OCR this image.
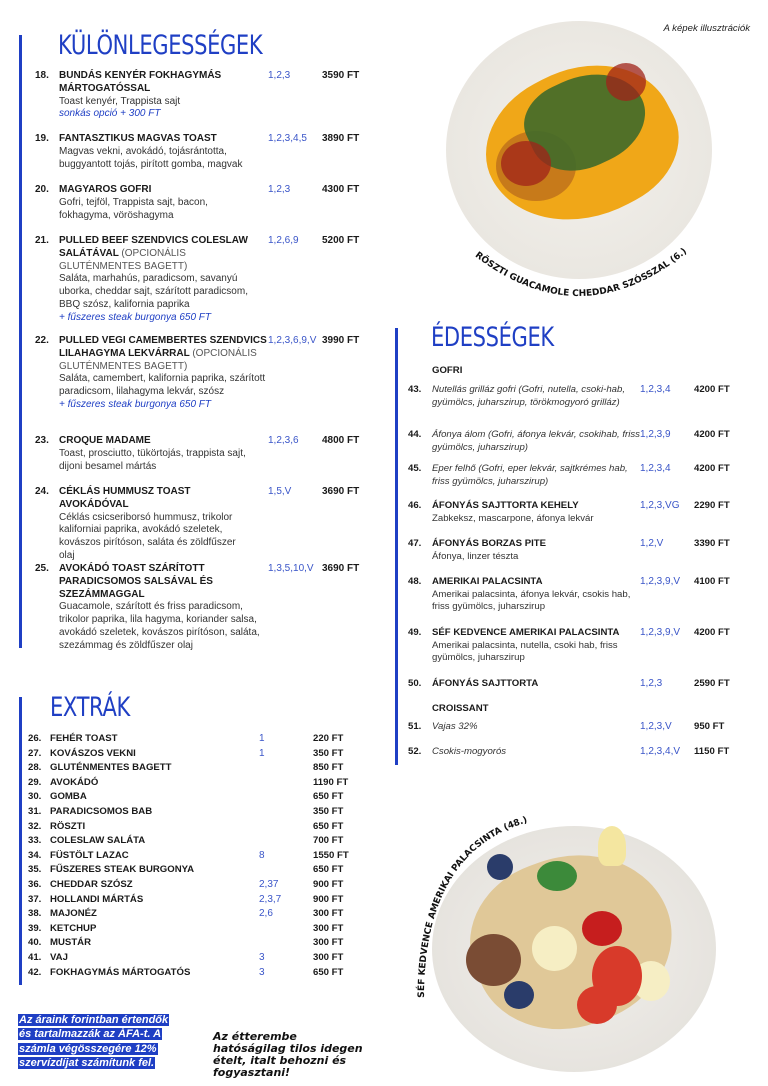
KÜLÖNLEGESSÉGEK
18. BUNDÁS KENYÉR FOKHAGYMÁS MÁRTOGATÓSSAL
Toast kenyér, Trappista sajt
sonkás opció + 300 FT
1,2,3	3590 FT
19. FANTASZTIKUS MAGVAS TOAST
Magvas vekni, avokádó, tojásrántotta, buggyantott tojás, pirított gomba, magvak
1,2,3,4,5 3890 FT
20. MAGYAROS GOFRI
Gofri, tejföl, Trappista sajt, bacon, fokhagyma, vöröshagyma
1,2,3	4300 FT
21. PULLED BEEF SZENDVICS COLESLAW SALÁTÁVAL (OPCIONÁLIS GLUTÉNMENTES BAGETT)
Saláta, marhahús, paradicsom, savanyú uborka, cheddar sajt, szárított paradicsom, BBQ szósz, kalifornia paprika
+ fűszeres steak burgonya 650 FT
1,2,6,9 5200 FT
22. PULLED VEGI CAMEMBERTES SZENDVICS LILAHAGYMA LEKVÁRRAL (OPCIONÁLIS GLUTÉNMENTES BAGETT)
Saláta, camembert, kalifornia paprika, szárított paradicsom, lilahagyma lekvár, szósz
+ fűszeres steak burgonya 650 FT
1,2,3,6,9,V 3990 FT
23. CROQUE MADAME
Toast, prosciutto, tükörtojás, trappista sajt, dijoni besamel mártás
1,2,3,6 4800 FT
24. CÉKLÁS HUMMUSZ TOAST AVOKÁDÓVAL
Céklás csicseriborsó hummusz, trikolor kaliforniai paprika, avokádó szeletek, kovászos pirítóson, saláta és zöldfűszer olaj
1,5,V	3690 FT
25. AVOKÁDÓ TOAST SZÁRÍTOTT PARADICSOMOS SALSÁVAL ÉS SZEZÁMMAGGAL
Guacamole, szárított és friss paradicsom, trikolor paprika, lila hagyma, koriander salsa, avokádó szeletek, kovászos pirítóson, saláta, szezámmag és zöldfűszer olaj
1,3,5,10,V 3690 FT
EXTRÁK
26. FEHÉR TOAST	1	220 FT
27. KOVÁSZOS VEKNI	1	350 FT
28. GLUTÉNMENTES BAGETT	850 FT
29. AVOKÁDÓ	1190 FT
30. GOMBA	650 FT
31. PARADICSOMOS BAB	350 FT
32. RÖSZTI	650 FT
33. COLESLAW SALÁTA	700 FT
34. FÜSTÖLT LAZAC	8	1550 FT
35. FŰSZERES STEAK BURGONYA	650 FT
36. CHEDDAR SZÓSZ	2,37	900 FT
37. HOLLANDI MÁRTÁS	2,3,7	900 FT
38. MAJONÉZ	2,6	300 FT
39. KETCHUP	300 FT
40. MUSTÁR	300 FT
41. VAJ	3	300 FT
42. FOKHAGYMÁS MÁRTOGATÓS	3	650 FT
Az áraink forintban értendők
és tartalmazzák az ÁFA-t. A
számla végösszegére 12%
szervízdíjat számítunk fel.
Az étterembe hatóságilag tilos idegen ételt, italt behozni és fogyasztani!
A képek illusztrációk
RÖSZTI GUACAMOLE CHEDDAR SZÓSSZAL (6.)
ÉDESSÉGEK
GOFRI
43. Nutellás grilláz gofri (Gofri, nutella, csoki-hab, gyümölcs, juharszirup, törökmogyoró grilláz)
1,2,3,4 4200 FT
44. Áfonya álom (Gofri, áfonya lekvár, csokihab, friss gyümölcs, juharszirup)
1,2,3,9 4200 FT
45. Eper felhő (Gofri, eper lekvár, sajtkrémes hab, friss gyümölcs, juharszirup)
1,2,3,4 4200 FT
46. ÁFONYÁS SAJTTORTA KEHELY
Zabkeksz, mascarpone, áfonya lekvár
1,2,3,VG 2290 FT
47. ÁFONYÁS BORZAS PITE
Áfonya, linzer tészta
1,2,V	3390 FT
48. AMERIKAI PALACSINTA
Amerikai palacsinta, áfonya lekvár, csokis hab, friss gyümölcs, juharszirup
1,2,3,9,V 4100 FT
49. SÉF KEDVENCE AMERIKAI PALACSINTA
Amerikai palacsinta, nutella, csoki hab, friss gyümölcs, juharszirup
1,2,3,9,V 4200 FT
50. ÁFONYÁS SAJTTORTA	1,2,3	2590 FT
CROISSANT
51. Vajas 32%	1,2,3,V 950 FT
52. Csokis-mogyorós	1,2,3,4,V 1150 FT
SÉF KEDVENCE AMERIKAI PALACSINTA (48.)
